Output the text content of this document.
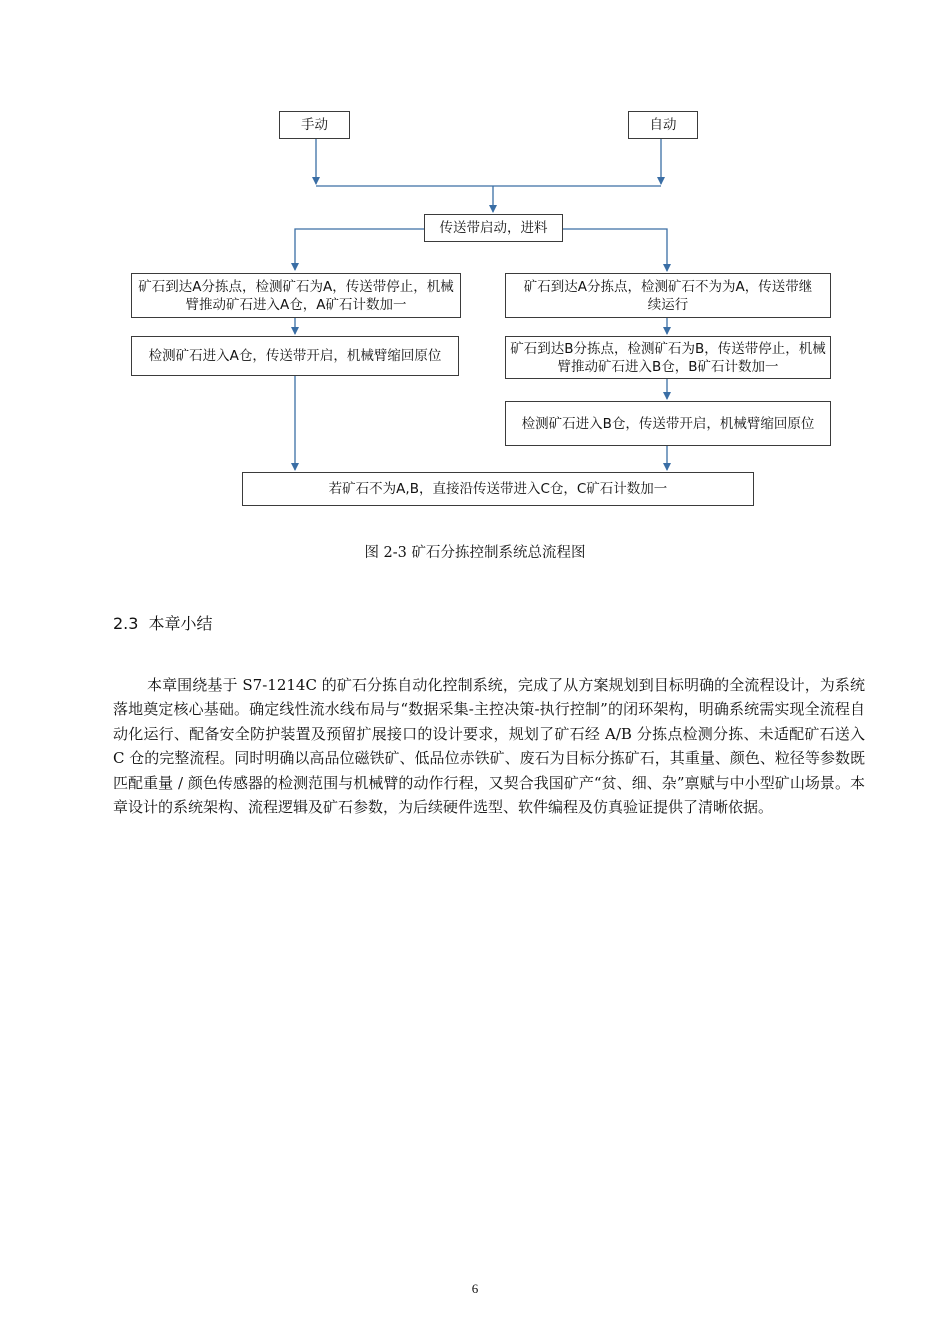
手动	自动
传送带启动，进料
矿石到达A分拣点，检测矿石为A，传送带停止，机械臂推动矿石进入A仓，A矿石计数加一
检测矿石进入A仓，传送带开启，机械臂缩回原位
矿石到达A分拣点，检测矿石不为为A，传送带继续运行
矿石到达B分拣点，检测矿石为B，传送带停止，机械臂推动矿石进入B仓，B矿石计数加一
检测矿石进入B仓，传送带开启，机械臂缩回原位
若矿石不为A,B，直接沿传送带进入C仓，C矿石计数加一
图 2-3 矿石分拣控制系统总流程图
2.3 本章小结

本章围绕基于 S7-1214C 的矿石分拣自动化控制系统，完成了从方案规划到目标明确的全流程设计，为系统落地奠定核心基础。确定线性流水线布局与“数据采集-主控决策-执行控制”的闭环架构，明确系统需实现全流程自动化运行、配备安全防护装置及预留扩展接口的设计要求，规划了矿石经 A/B 分拣点检测分拣、未适配矿石送入 C 仓的完整流程。同时明确以高品位磁铁矿、低品位赤铁矿、废石为目标分拣矿石，其重量、颜色、粒径等参数既匹配重量 / 颜色传感器的检测范围与机械臂的动作行程，又契合我国矿产“贫、细、杂”禀赋与中小型矿山场景。本章设计的系统架构、流程逻辑及矿石参数，为后续硬件选型、软件编程及仿真验证提供了清晰依据。

6
